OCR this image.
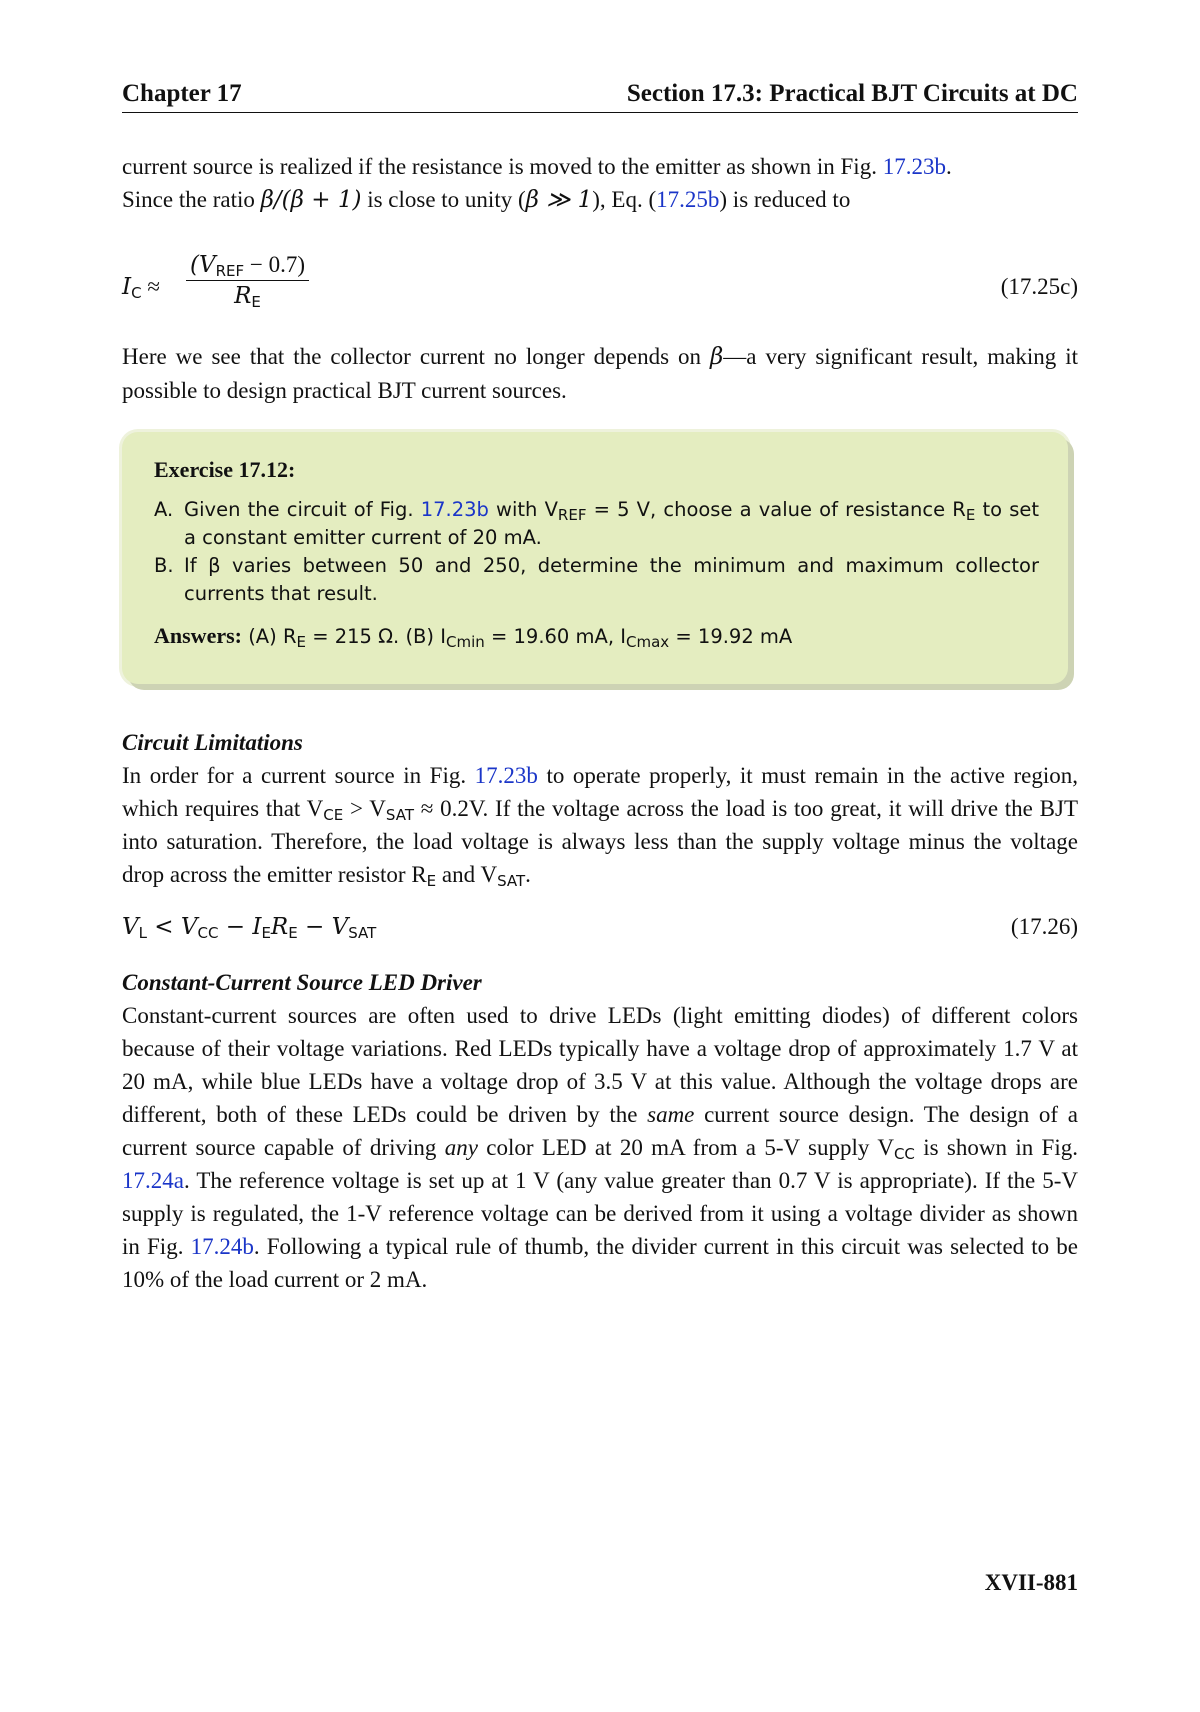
Chapter 17	Section 17.3: Practical BJT Circuits at DC

current source is realized if the resistance is moved to the emitter as shown in Fig. 17.23b.
Since the ratio β/(β + 1) is close to unity (β ≫ 1), Eq. (17.25b) is reduced to

$I_C$ ≈
$(V_{REF} - 0.7)$
$R_E$
(17.25c)

Here we see that the collector current no longer depends on β—a very significant result, making it possible to design practical BJT current sources.

Exercise 17.12:
A. Given the circuit of Fig. 17.23b with $V_{REF} = 5$ V, choose a value of resistance $R_E$ to set a constant emitter current of 20 mA.
B. If β varies between 50 and 250, determine the minimum and maximum collector currents that result.
Answers: (A) $R_E = 215$ Ω. (B) $I_{Cmin} = 19.60$ mA, $I_{Cmax} = 19.92$ mA

Circuit Limitations

In order for a current source in Fig. 17.23b to operate properly, it must remain in the active region, which requires that $V_{CE} > V_{SAT} \approx 0.2V$. If the voltage across the load is too great, it will drive the BJT into saturation. Therefore, the load voltage is always less than the supply voltage minus the voltage drop across the emitter resistor $R_E$ and $V_{SAT}$.

$V_L < V_{CC} - I_ER_E - V_{SAT}$	(17.26)

Constant-Current Source LED Driver

Constant-current sources are often used to drive LEDs (light emitting diodes) of different colors because of their voltage variations. Red LEDs typically have a voltage drop of approximately 1.7 V at 20 mA, while blue LEDs have a voltage drop of 3.5 V at this value. Although the voltage drops are different, both of these LEDs could be driven by the same current source design. The design of a current source capable of driving any color LED at 20 mA from a 5-V supply $V_{CC}$ is shown in Fig. 17.24a. The reference voltage is set up at 1 V (any value greater than 0.7 V is appropriate). If the 5-V supply is regulated, the 1-V reference voltage can be derived from it using a voltage divider as shown in Fig. 17.24b. Following a typical rule of thumb, the divider current in this circuit was selected to be 10% of the load current or 2 mA.

XVII-881
